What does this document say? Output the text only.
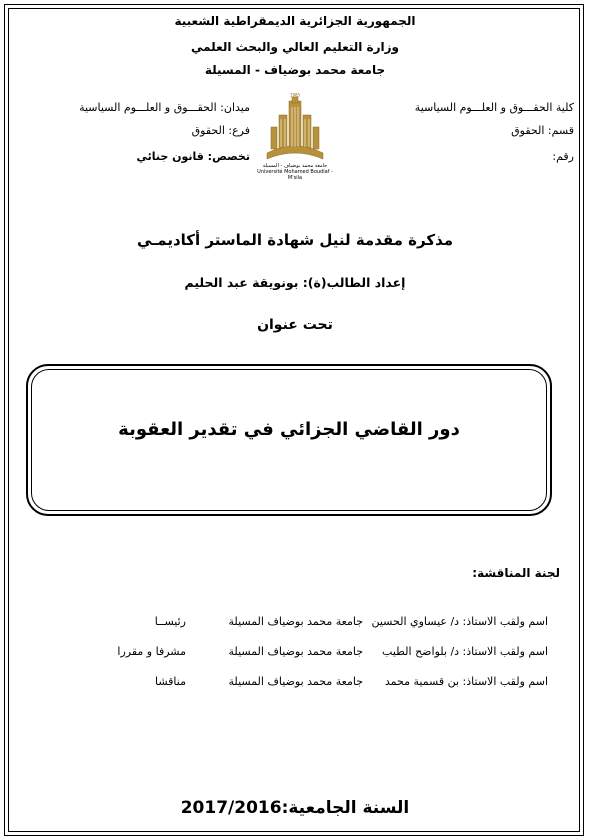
الجمهورية الجزائرية الديمقراطية الشعبية
وزارة التعليم العالي والبحث العلمي
جامعة محمد بوضياف - المسيلة
كلية الحقـــوق و العلـــوم السياسية
قسم: الحقوق
رقم:
ميدان: الحقـــوق و العلـــوم السياسية
فرع: الحقوق
تخصص: قانون جنائي
1985
جامعة محمد بوضياف - المسيلة
Université Mohamed Boudiaf - M'sila
مذكرة مقدمة لنيل شهادة الماستر أكاديمـي
إعداد الطالب(ة): بونويقة عبد الحليم
تحت عنوان
دور القاضي الجزائي في تقدير العقوبة
لجنة المناقشة:
اسم ولقب الاستاذ: د/ عيساوي الحسين
جامعة محمد بوضياف المسيلة
رئيســا
اسم ولقب الاستاذ: د/ بلواضح الطيب
جامعة محمد بوضياف المسيلة
مشرفا و مقررا
اسم ولقب الاستاذ: بن قسمية محمد
جامعة محمد بوضياف المسيلة
مناقشا
السنة الجامعية:2017/2016
